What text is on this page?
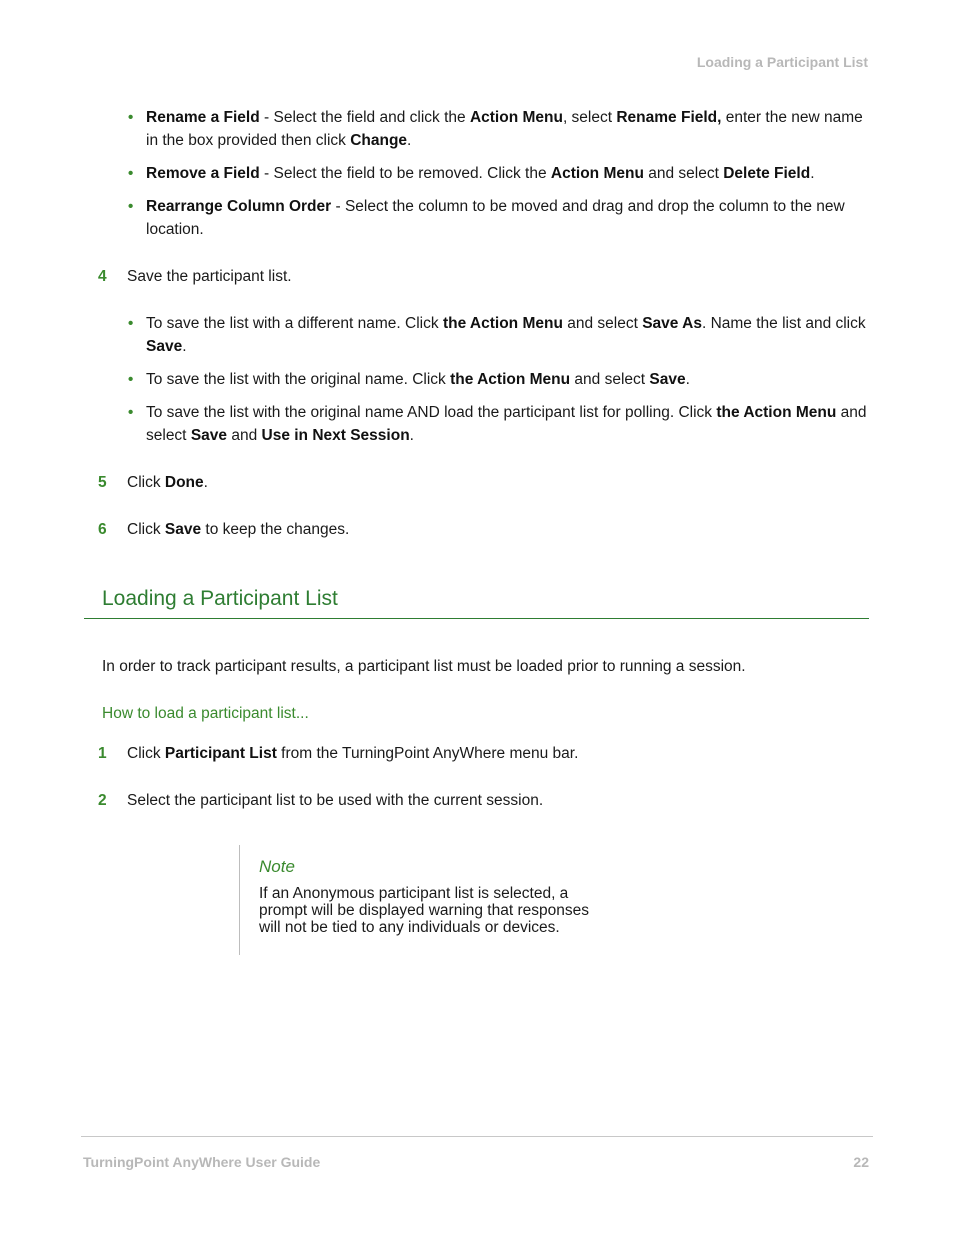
Loading a Participant List
• Rename a Field - Select the field and click the Action Menu, select Rename Field, enter the new name in the box provided then click Change.
• Remove a Field - Select the field to be removed. Click the Action Menu and select Delete Field.
• Rearrange Column Order - Select the column to be moved and drag and drop the column to the new location.
4	Save the participant list.
• To save the list with a different name. Click the Action Menu and select Save As. Name the list and click Save.
• To save the list with the original name. Click the Action Menu and select Save.
• To save the list with the original name AND load the participant list for polling. Click the Action Menu and select Save and Use in Next Session.
5	Click Done.
6	Click Save to keep the changes.
Loading a Participant List
In order to track participant results, a participant list must be loaded prior to running a session.
How to load a participant list...
1	Click Participant List from the TurningPoint AnyWhere menu bar.
2	Select the participant list to be used with the current session.
Note
If an Anonymous participant list is selected, a
prompt will be displayed warning that responses
will not be tied to any individuals or devices.
TurningPoint AnyWhere User Guide	22
